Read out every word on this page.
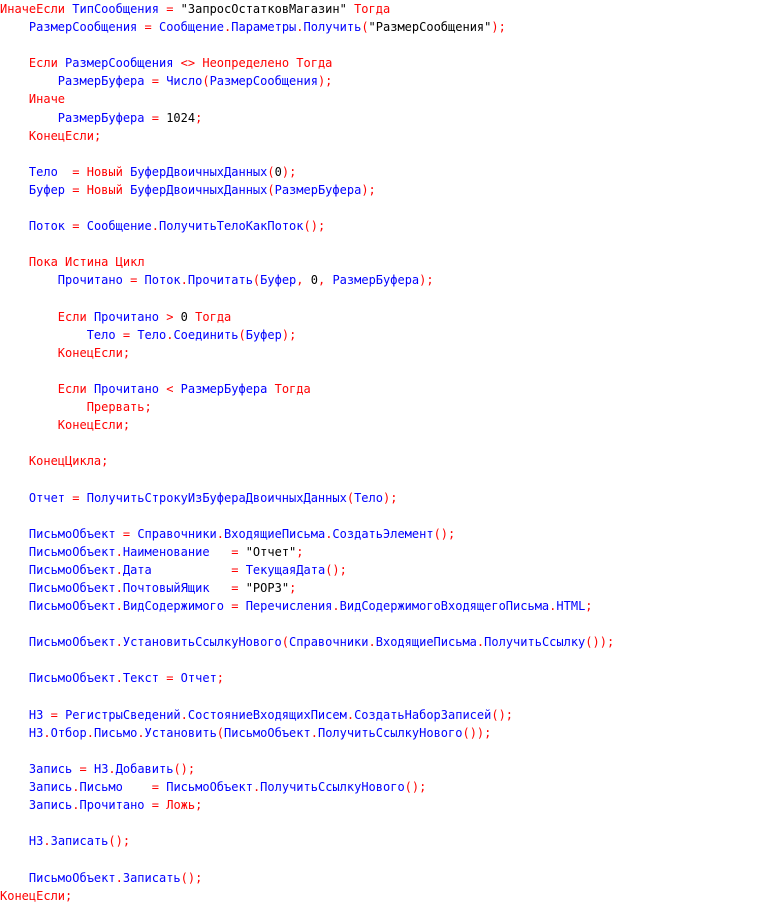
ИначеЕсли ТипСообщения = "ЗапросОстатковМагазин" Тогда
РазмерСообщения = Сообщение.Параметры.Получить("РазмерСообщения");

Если РазмерСообщения <> Неопределено Тогда
РазмерБуфера = Число(РазмерСообщения);
Иначе
РазмерБуфера = 1024;
КонецЕсли;

Тело = Новый БуферДвоичныхДанных(0);
Буфер = Новый БуферДвоичныхДанных(РазмерБуфера);

Поток = Сообщение.ПолучитьТелоКакПоток();

Пока Истина Цикл
Прочитано = Поток.Прочитать(Буфер, 0, РазмерБуфера);

Если Прочитано > 0 Тогда
Тело = Тело.Соединить(Буфер);
КонецЕсли;

Если Прочитано < РазмерБуфера Тогда
Прервать;
КонецЕсли;

КонецЦикла;

Отчет = ПолучитьСтрокуИзБуфераДвоичныхДанных(Тело);

ПисьмоОбъект = Справочники.ВходящиеПисьма.СоздатьЭлемент();
ПисьмоОбъект.Наименование = "Отчет";
ПисьмоОбъект.Дата	= ТекущаяДата();
ПисьмоОбъект.ПочтовыйЯщик = "POP3";
ПисьмоОбъект.ВидСодержимого = Перечисления.ВидСодержимогоВходящегоПисьма.HTML;

ПисьмоОбъект.УстановитьСсылкуНового(Справочники.ВходящиеПисьма.ПолучитьСсылку());

ПисьмоОбъект.Текст = Отчет;

НЗ = РегистрыСведений.СостояниеВходящихПисем.СоздатьНаборЗаписей();
НЗ.Отбор.Письмо.Установить(ПисьмоОбъект.ПолучитьСсылкуНового());

Запись = НЗ.Добавить();
Запись.Письмо = ПисьмоОбъект.ПолучитьСсылкуНового();
Запись.Прочитано = Ложь;

НЗ.Записать();

ПисьмоОбъект.Записать();
КонецЕсли;
